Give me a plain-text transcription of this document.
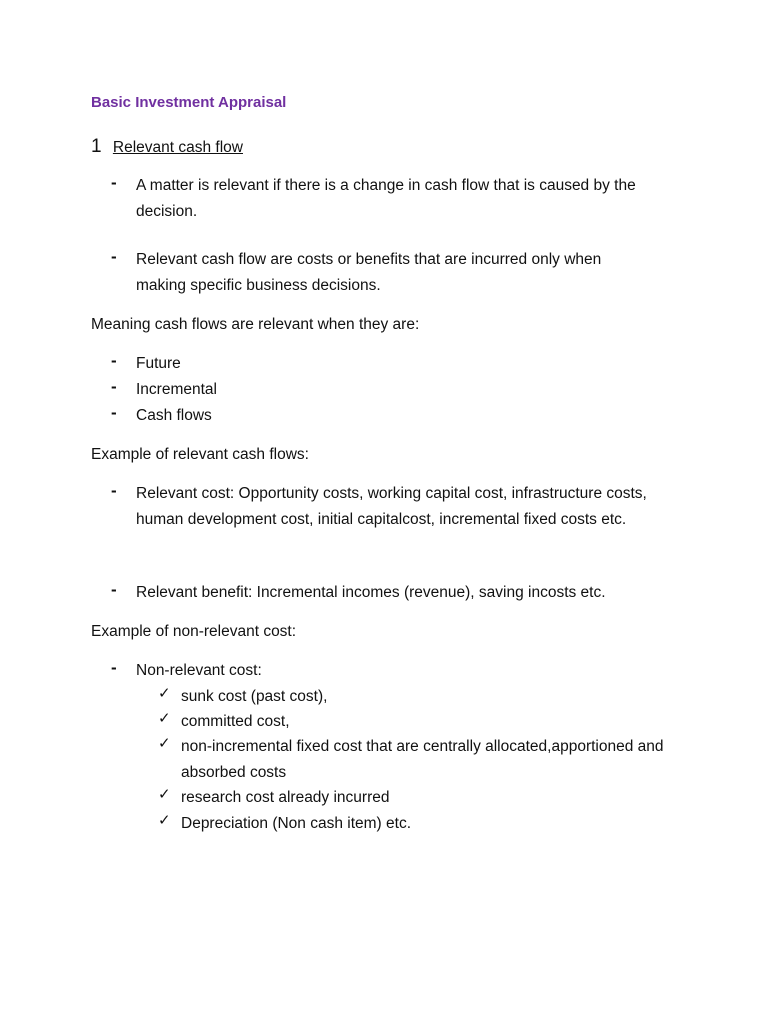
Basic Investment Appraisal
1 Relevant cash flow
- A matter is relevant if there is a change in cash flow that is caused by the decision.
- Relevant cash flow are costs or benefits that are incurred only when making specific business decisions.
Meaning cash flows are relevant when they are:
- Future
- Incremental
- Cash flows
Example of relevant cash flows:
- Relevant cost: Opportunity costs, working capital cost, infrastructure costs, human development cost, initial capitalcost, incremental fixed costs etc.
- Relevant benefit: Incremental incomes (revenue), saving incosts etc.
Example of non-relevant cost:
- Non-relevant cost:
✓ sunk cost (past cost),
✓ committed cost,
✓ non-incremental fixed cost that are centrally allocated,apportioned and absorbed costs
✓ research cost already incurred
✓ Depreciation (Non cash item) etc.
